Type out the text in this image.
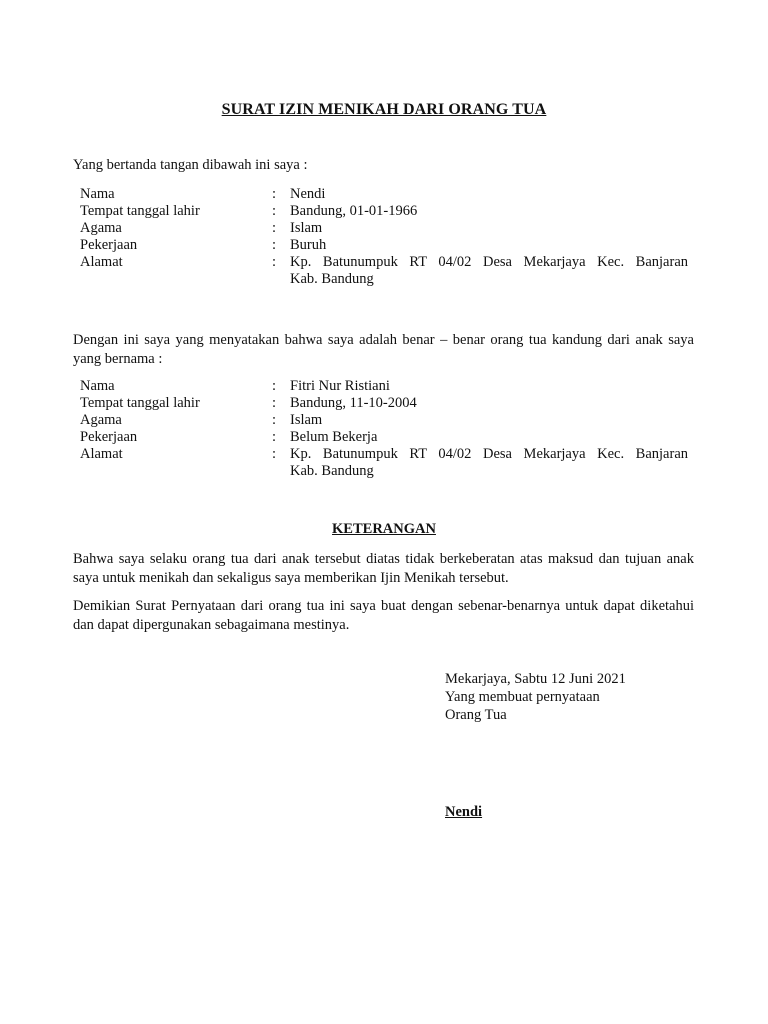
SURAT IZIN MENIKAH DARI ORANG TUA
Yang bertanda tangan dibawah ini saya :
Nama	: Nendi
Tempat tanggal lahir	: Bandung, 01-01-1966
Agama	: Islam
Pekerjaan	: Buruh
Alamat	: Kp. Batunumpuk RT 04/02 Desa Mekarjaya Kec. Banjaran
Kab. Bandung
Dengan ini saya yang menyatakan bahwa saya adalah benar – benar orang tua kandung dari anak saya yang bernama :
Nama	: Fitri Nur Ristiani
Tempat tanggal lahir	: Bandung, 11-10-2004
Agama	: Islam
Pekerjaan	: Belum Bekerja
Alamat	: Kp. Batunumpuk RT 04/02 Desa Mekarjaya Kec. Banjaran
Kab. Bandung
KETERANGAN
Bahwa saya selaku orang tua dari anak tersebut diatas tidak berkeberatan atas maksud dan tujuan anak saya untuk menikah dan sekaligus saya memberikan Ijin Menikah tersebut.
Demikian Surat Pernyataan dari orang tua ini saya buat dengan sebenar-benarnya untuk dapat diketahui dan dapat dipergunakan sebagaimana mestinya.
Mekarjaya, Sabtu 12 Juni 2021
Yang membuat pernyataan
Orang Tua
Nendi
